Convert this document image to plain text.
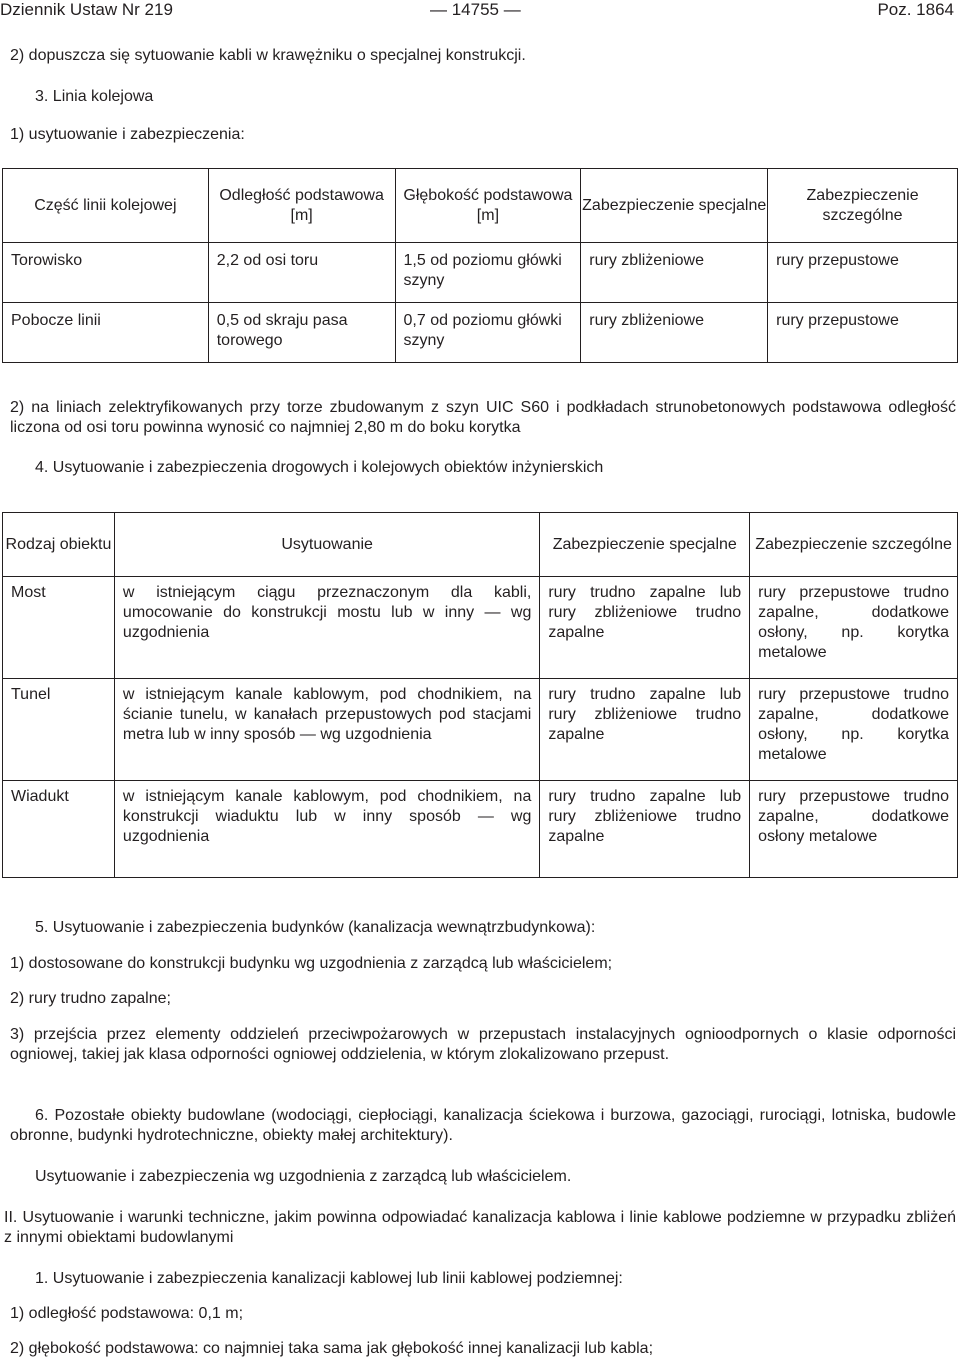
Dziennik Ustaw Nr 219	— 14755 —	Poz. 1864
2) dopuszcza się sytuowanie kabli w krawężniku o specjalnej konstrukcji.
3. Linia kolejowa
1) usytuowanie i zabezpieczenia:
Część linii kolejowej	Odległość podstawowa [m]	Głębokość podstawowa [m]	Zabezpieczenie specjalne	Zabezpieczenie szczególne
Torowisko	2,2 od osi toru	1,5 od poziomu główki szyny	rury zbliżeniowe	rury przepustowe
Pobocze linii	0,5 od skraju pasa torowego	0,7 od poziomu główki szyny	rury zbliżeniowe	rury przepustowe
2) na liniach zelektryfikowanych przy torze zbudowanym z szyn UIC S60 i podkładach strunobetonowych podstawowa odległość liczona od osi toru powinna wynosić co najmniej 2,80 m do boku korytka
4. Usytuowanie i zabezpieczenia drogowych i kolejowych obiektów inżynierskich
Rodzaj obiektu	Usytuowanie	Zabezpieczenie specjalne	Zabezpieczenie szczególne
Most	w istniejącym ciągu przeznaczonym dla kabli, umocowanie do konstrukcji mostu lub w inny — wg uzgodnienia	rury trudno zapalne lub rury zbliżeniowe trudno zapalne	rury przepustowe trudno zapalne, dodatkowe osłony, np. korytka metalowe
Tunel	w istniejącym kanale kablowym, pod chodnikiem, na ścianie tunelu, w kanałach przepustowych pod stacjami metra lub w inny sposób — wg uzgodnienia	rury trudno zapalne lub rury zbliżeniowe trudno zapalne	rury przepustowe trudno zapalne, dodatkowe osłony, np. korytka metalowe
Wiadukt	w istniejącym kanale kablowym, pod chodnikiem, na konstrukcji wiaduktu lub w inny sposób — wg uzgodnienia	rury trudno zapalne lub rury zbliżeniowe trudno zapalne	rury przepustowe trudno zapalne, dodatkowe osłony metalowe
5. Usytuowanie i zabezpieczenia budynków (kanalizacja wewnątrzbudynkowa):
1) dostosowane do konstrukcji budynku wg uzgodnienia z zarządcą lub właścicielem;
2) rury trudno zapalne;
3) przejścia przez elementy oddzieleń przeciwpożarowych w przepustach instalacyjnych ognioodpornych o klasie odporności ogniowej, takiej jak klasa odporności ogniowej oddzielenia, w którym zlokalizowano przepust.
6. Pozostałe obiekty budowlane (wodociągi, ciepłociągi, kanalizacja ściekowa i burzowa, gazociągi, rurociągi, lotniska, budowle obronne, budynki hydrotechniczne, obiekty małej architektury).
Usytuowanie i zabezpieczenia wg uzgodnienia z zarządcą lub właścicielem.
II. Usytuowanie i warunki techniczne, jakim powinna odpowiadać kanalizacja kablowa i linie kablowe podziemne w przypadku zbliżeń z innymi obiektami budowlanymi
1. Usytuowanie i zabezpieczenia kanalizacji kablowej lub linii kablowej podziemnej:
1) odległość podstawowa: 0,1 m;
2) głębokość podstawowa: co najmniej taka sama jak głębokość innej kanalizacji lub kabla;
